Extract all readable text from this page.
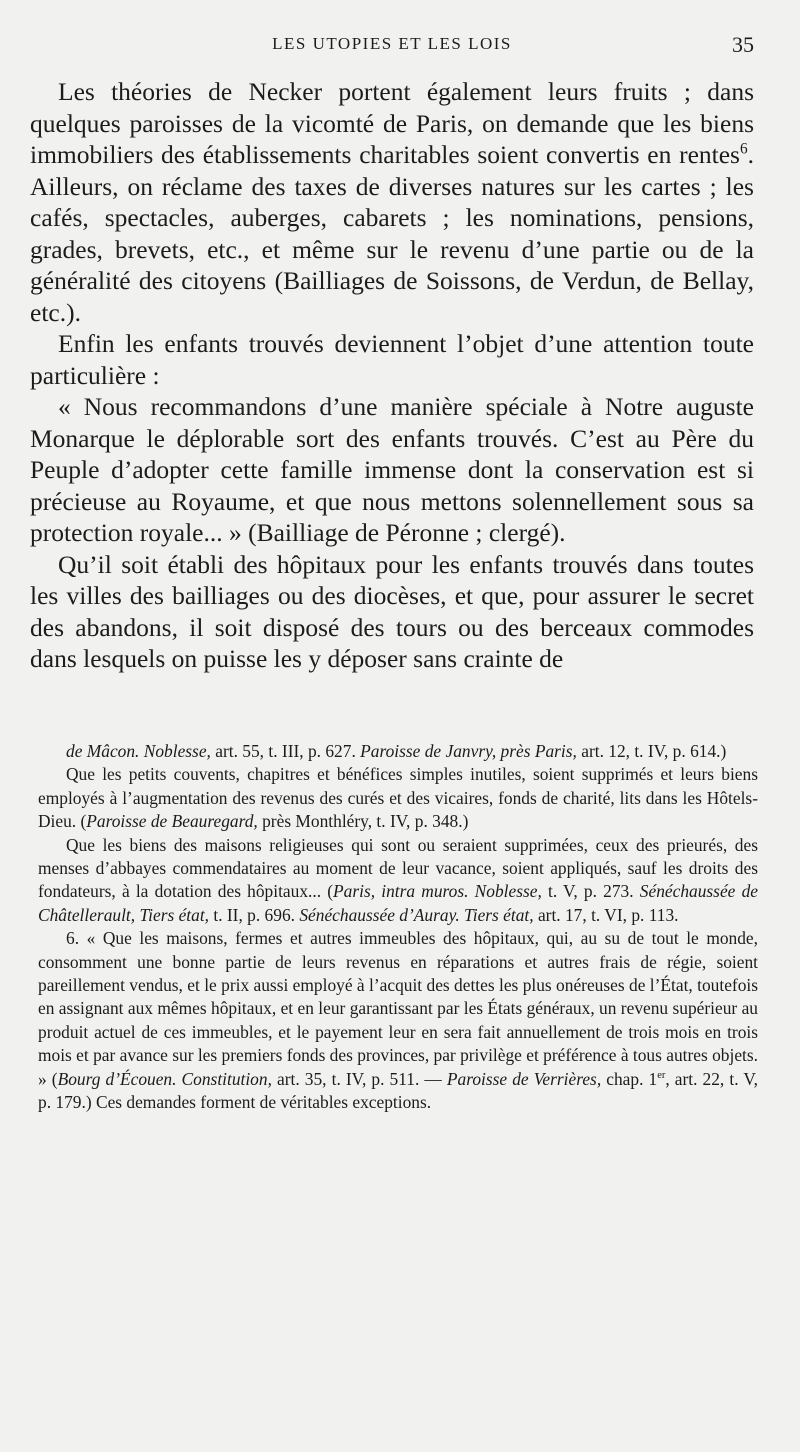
LES UTOPIES ET LES LOIS	35

Les théories de Necker portent également leurs fruits ; dans quelques paroisses de la vicomté de Paris, on demande que les biens immobiliers des établissements charitables soient convertis en rentes$^6$. Ailleurs, on réclame des taxes de diverses natures sur les cartes ; les cafés, spectacles, auberges, cabarets ; les nominations, pensions, grades, brevets, etc., et même sur le revenu d’une partie ou de la généralité des citoyens (Bailliages de Soissons, de Verdun, de Bellay, etc.).

Enfin les enfants trouvés deviennent l’objet d’une attention toute particulière :

« Nous recommandons d’une manière spéciale à Notre auguste Monarque le déplorable sort des enfants trouvés. C’est au Père du Peuple d’adopter cette famille immense dont la conservation est si précieuse au Royaume, et que nous mettons solennellement sous sa protection royale... » (Bailliage de Péronne ; clergé).

Qu’il soit établi des hôpitaux pour les enfants trouvés dans toutes les villes des bailliages ou des diocèses, et que, pour assurer le secret des abandons, il soit disposé des tours ou des berceaux commodes dans lesquels on puisse les y déposer sans crainte de

de Mâcon. Noblesse, art. 55, t. III, p. 627. Paroisse de Janvry, près Paris, art. 12, t. IV, p. 614.)

Que les petits couvents, chapitres et bénéfices simples inutiles, soient supprimés et leurs biens employés à l’augmentation des revenus des curés et des vicaires, fonds de charité, lits dans les Hôtels-Dieu. (Paroisse de Beauregard, près Monthléry, t. IV, p. 348.)

Que les biens des maisons religieuses qui sont ou seraient supprimées, ceux des prieurés, des menses d’abbayes commendataires au moment de leur vacance, soient appliqués, sauf les droits des fondateurs, à la dotation des hôpitaux... (Paris, intra muros. Noblesse, t. V, p. 273. Sénéchaussée de Châtellerault, Tiers état, t. II, p. 696. Sénéchaussée d’Auray. Tiers état, art. 17, t. VI, p. 113.

6. « Que les maisons, fermes et autres immeubles des hôpitaux, qui, au su de tout le monde, consomment une bonne partie de leurs revenus en réparations et autres frais de régie, soient pareillement vendus, et le prix aussi employé à l’acquit des dettes les plus onéreuses de l’État, toutefois en assignant aux mêmes hôpitaux, et en leur garantissant par les États généraux, un revenu supérieur au produit actuel de ces immeubles, et le payement leur en sera fait annuellement de trois mois en trois mois et par avance sur les premiers fonds des provinces, par privilège et préférence à tous autres objets. » (Bourg d’Écouen. Constitution, art. 35, t. IV, p. 511. — Paroisse de Verrières, chap. 1er, art. 22, t. V, p. 179.) Ces demandes forment de véritables exceptions.
